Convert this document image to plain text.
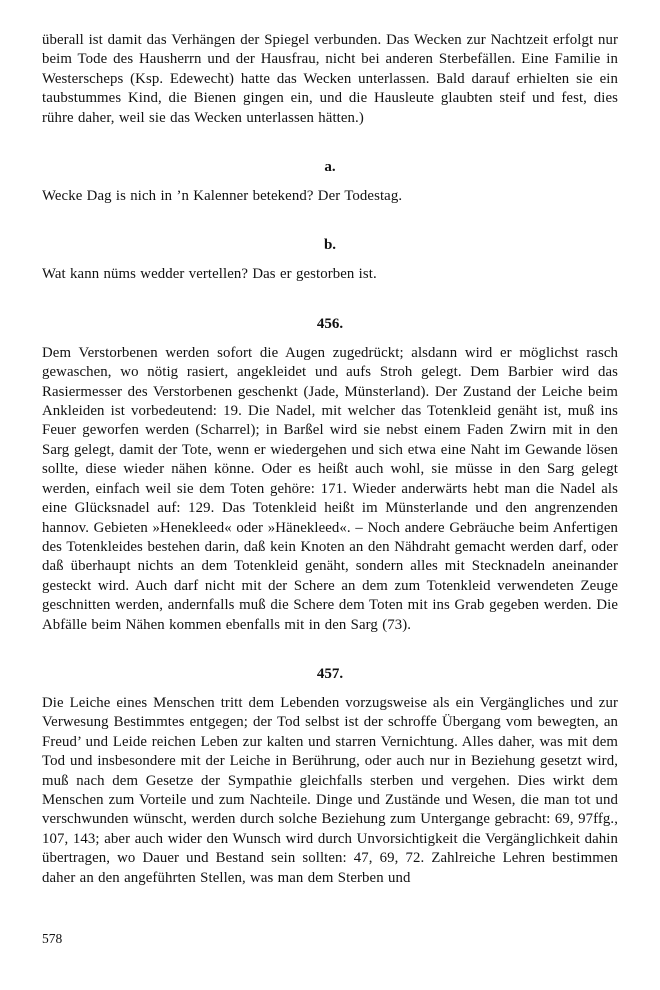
überall ist damit das Verhängen der Spiegel verbunden. Das Wecken zur Nachtzeit erfolgt nur beim Tode des Hausherrn und der Hausfrau, nicht bei anderen Sterbefällen. Eine Familie in Westerscheps (Ksp. Edewecht) hatte das Wecken unterlassen. Bald darauf erhielten sie ein taubstummes Kind, die Bienen gingen ein, und die Hausleute glaubten steif und fest, dies rühre daher, weil sie das Wecken unterlassen hätten.)

a.

Wecke Dag is nich in ’n Kalenner betekend? Der Todestag.

b.

Wat kann nüms wedder vertellen? Das er gestorben ist.

456.

Dem Verstorbenen werden sofort die Augen zugedrückt; alsdann wird er möglichst rasch gewaschen, wo nötig rasiert, angekleidet und aufs Stroh gelegt. Dem Barbier wird das Rasiermesser des Verstorbenen geschenkt (Jade, Münsterland). Der Zustand der Leiche beim Ankleiden ist vorbedeutend: 19. Die Nadel, mit welcher das Totenkleid genäht ist, muß ins Feuer geworfen werden (Scharrel); in Barßel wird sie nebst einem Faden Zwirn mit in den Sarg gelegt, damit der Tote, wenn er wiedergehen und sich etwa eine Naht im Gewande lösen sollte, diese wieder nähen könne. Oder es heißt auch wohl, sie müsse in den Sarg gelegt werden, einfach weil sie dem Toten gehöre: 171. Wieder anderwärts hebt man die Nadel als eine Glücksnadel auf: 129. Das Totenkleid heißt im Münsterlande und den angrenzenden hannov. Gebieten »Henekleed« oder »Hänekleed«. – Noch andere Gebräuche beim Anfertigen des Totenkleides bestehen darin, daß kein Knoten an den Nähdraht gemacht werden darf, oder daß überhaupt nichts an dem Totenkleid genäht, sondern alles mit Stecknadeln aneinander gesteckt wird. Auch darf nicht mit der Schere an dem zum Totenkleid verwendeten Zeuge geschnitten werden, andernfalls muß die Schere dem Toten mit ins Grab gegeben werden. Die Abfälle beim Nähen kommen ebenfalls mit in den Sarg (73).

457.

Die Leiche eines Menschen tritt dem Lebenden vorzugsweise als ein Vergängliches und zur Verwesung Bestimmtes entgegen; der Tod selbst ist der schroffe Übergang vom bewegten, an Freud’ und Leide reichen Leben zur kalten und starren Vernichtung. Alles daher, was mit dem Tod und insbesondere mit der Leiche in Berührung, oder auch nur in Beziehung gesetzt wird, muß nach dem Gesetze der Sympathie gleichfalls sterben und vergehen. Dies wirkt dem Menschen zum Vorteile und zum Nachteile. Dinge und Zustände und Wesen, die man tot und verschwunden wünscht, werden durch solche Beziehung zum Untergange gebracht: 69, 97ffg., 107, 143; aber auch wider den Wunsch wird durch Unvorsichtigkeit die Vergänglichkeit dahin übertragen, wo Dauer und Bestand sein sollten: 47, 69, 72. Zahlreiche Lehren bestimmen daher an den angeführten Stellen, was man dem Sterben und

578
